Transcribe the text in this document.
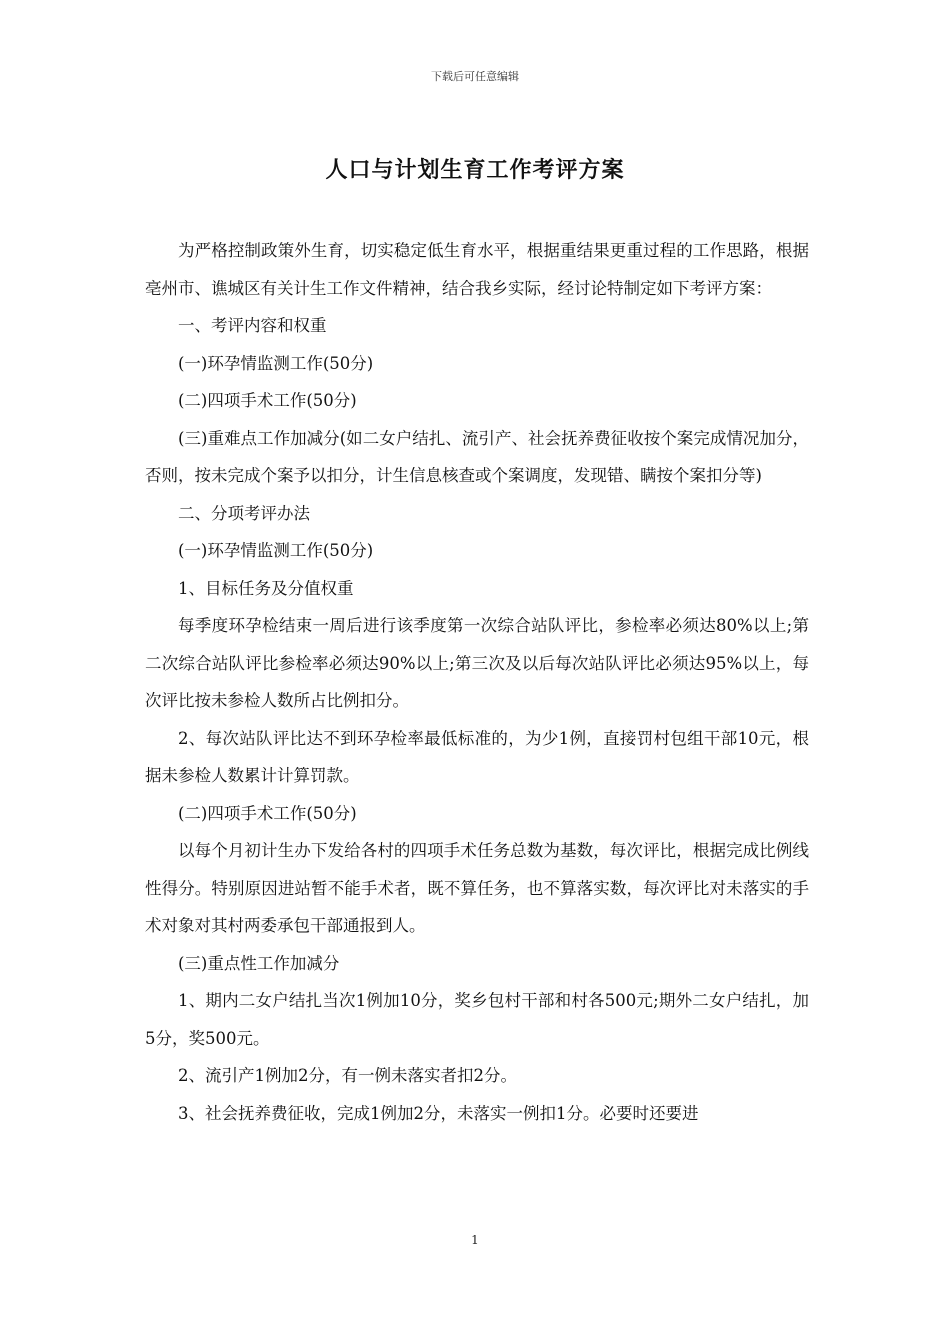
下载后可任意编辑
人口与计划生育工作考评方案

为严格控制政策外生育，切实稳定低生育水平，根据重结果更重过程的工作思路，根据亳州市、谯城区有关计生工作文件精神，结合我乡实际，经讨论特制定如下考评方案：

一、考评内容和权重

(一)环孕情监测工作(50分)

(二)四项手术工作(50分)

(三)重难点工作加减分(如二女户结扎、流引产、社会抚养费征收按个案完成情况加分，否则，按未完成个案予以扣分，计生信息核查或个案调度，发现错、瞒按个案扣分等)

二、分项考评办法

(一)环孕情监测工作(50分)

1、目标任务及分值权重

每季度环孕检结束一周后进行该季度第一次综合站队评比，参检率必须达80%以上;第二次综合站队评比参检率必须达90%以上;第三次及以后每次站队评比必须达95%以上，每次评比按未参检人数所占比例扣分。

2、每次站队评比达不到环孕检率最低标准的，为少1例，直接罚村包组干部10元，根据未参检人数累计计算罚款。

(二)四项手术工作(50分)

以每个月初计生办下发给各村的四项手术任务总数为基数，每次评比，根据完成比例线性得分。特别原因进站暂不能手术者，既不算任务，也不算落实数，每次评比对未落实的手术对象对其村两委承包干部通报到人。

(三)重点性工作加减分

1、期内二女户结扎当次1例加10分，奖乡包村干部和村各500元;期外二女户结扎，加5分，奖500元。

2、流引产1例加2分，有一例未落实者扣2分。

3、社会抚养费征收，完成1例加2分，未落实一例扣1分。必要时还要进

1
